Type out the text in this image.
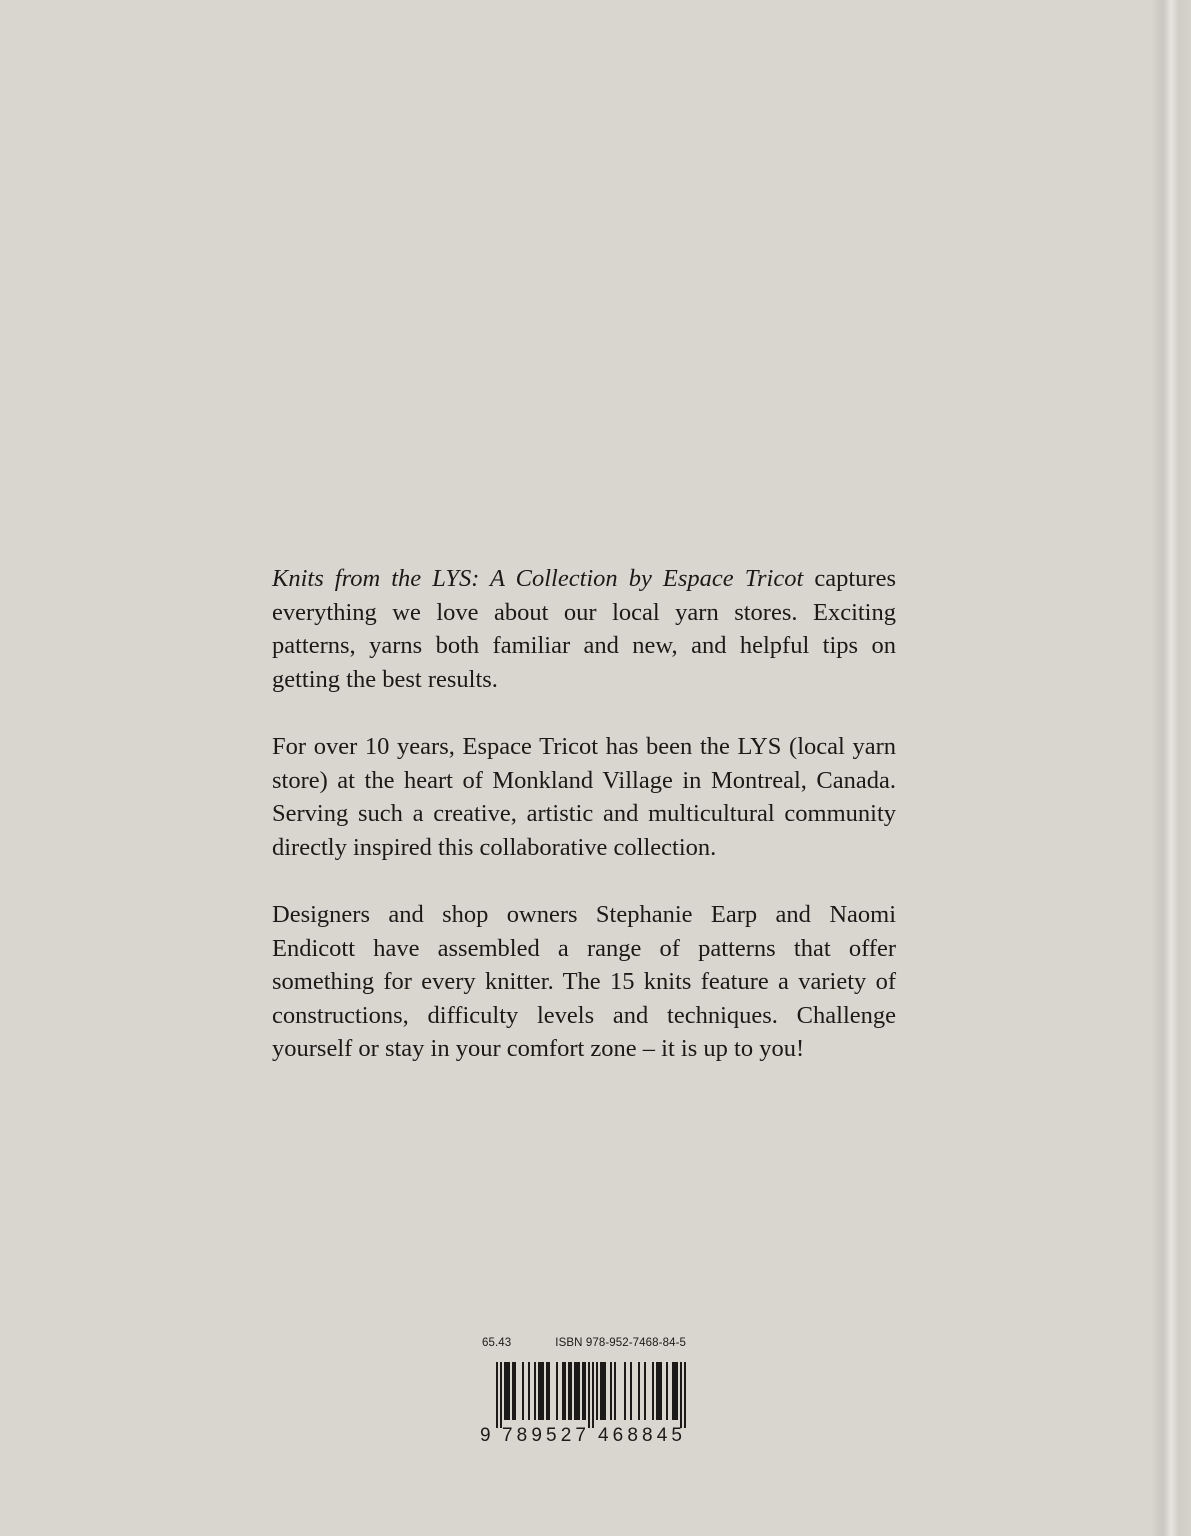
Knits from the LYS: A Collection by Espace Tricot captures everything we love about our local yarn stores. Exciting patterns, yarns both familiar and new, and helpful tips on getting the best results.

For over 10 years, Espace Tricot has been the LYS (local yarn store) at the heart of Monkland Village in Montreal, Canada. Serving such a creative, artistic and multicultural community directly inspired this collaborative collection.

Designers and shop owners Stephanie Earp and Naomi Endicott have assembled a range of patterns that offer something for every knitter. The 15 knits feature a variety of constructions, difficulty levels and techniques. Challenge yourself or stay in your comfort zone – it is up to you!

65.43	ISBN 978-952-7468-84-5
9 789527 468845
